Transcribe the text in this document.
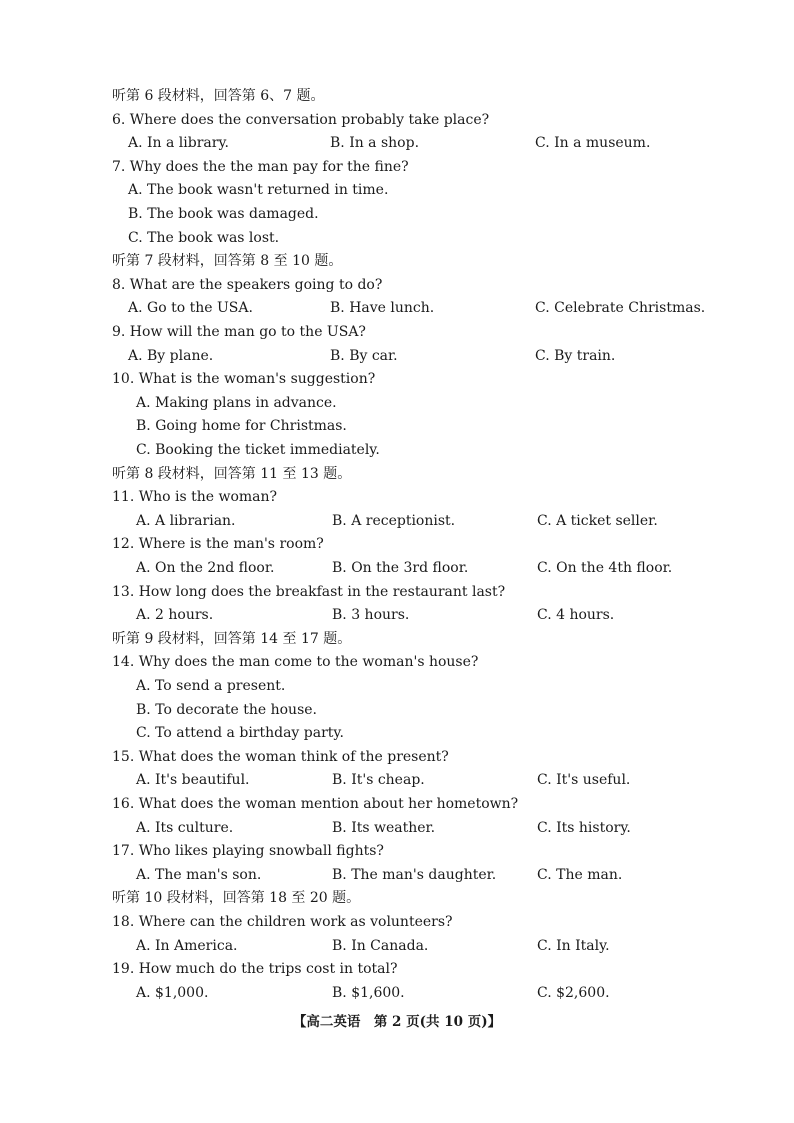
【高二英语　第 2 页(共 10 页)】
听第 6 段材料，回答第 6、7 题。
6. Where does the conversation probably take place?
A. In a library.	B. In a shop.	C. In a museum.
7. Why does the the man pay for the fine?
A. The book wasn't returned in time.
B. The book was damaged.
C. The book was lost.
听第 7 段材料，回答第 8 至 10 题。
8. What are the speakers going to do?
A. Go to the USA.	B. Have lunch.	C. Celebrate Christmas.
9. How will the man go to the USA?
A. By plane.	B. By car.	C. By train.
10. What is the woman's suggestion?
A. Making plans in advance.
B. Going home for Christmas.
C. Booking the ticket immediately.
听第 8 段材料，回答第 11 至 13 题。
11. Who is the woman?
A. A librarian.	B. A receptionist.	C. A ticket seller.
12. Where is the man's room?
A. On the 2nd floor.	B. On the 3rd floor.	C. On the 4th floor.
13. How long does the breakfast in the restaurant last?
A. 2 hours.	B. 3 hours.	C. 4 hours.
听第 9 段材料，回答第 14 至 17 题。
14. Why does the man come to the woman's house?
A. To send a present.
B. To decorate the house.
C. To attend a birthday party.
15. What does the woman think of the present?
A. It's beautiful.	B. It's cheap.	C. It's useful.
16. What does the woman mention about her hometown?
A. Its culture.	B. Its weather.	C. Its history.
17. Who likes playing snowball fights?
A. The man's son.	B. The man's daughter.	C. The man.
听第 10 段材料，回答第 18 至 20 题。
18. Where can the children work as volunteers?
A. In America.	B. In Canada.	C. In Italy.
19. How much do the trips cost in total?
A. $1,000.	B. $1,600.	C. $2,600.
